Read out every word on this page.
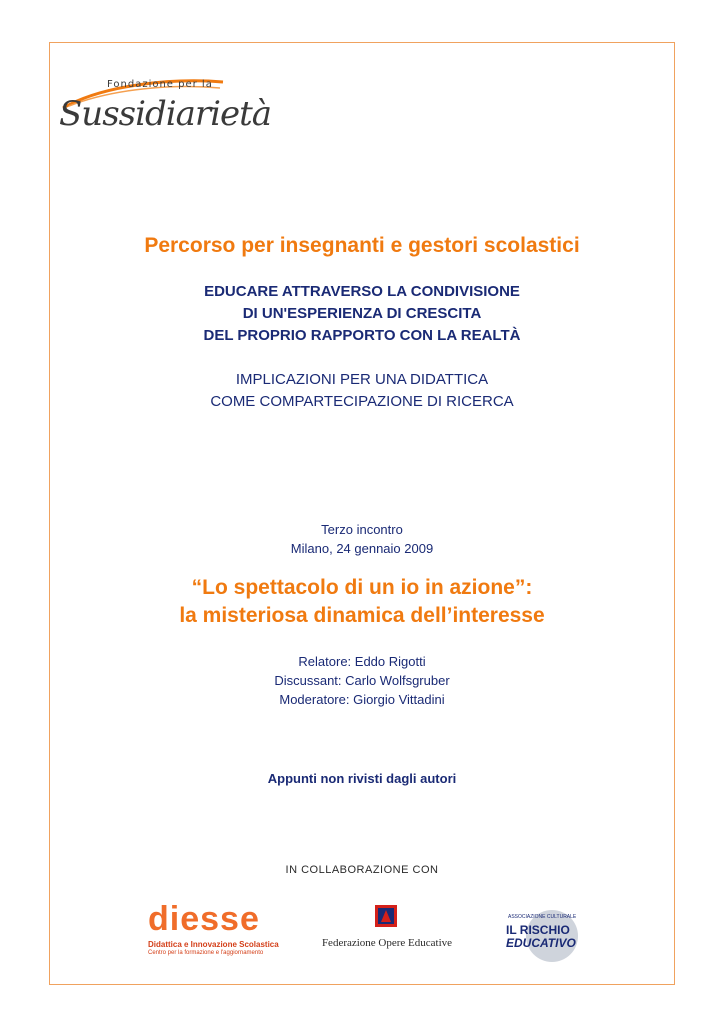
Fondazione per la
Sussidiarietà
Percorso per insegnanti e gestori scolastici
EDUCARE ATTRAVERSO LA CONDIVISIONE
DI UN'ESPERIENZA DI CRESCITA
DEL PROPRIO RAPPORTO CON LA REALTÀ
IMPLICAZIONI PER UNA DIDATTICA
COME COMPARTECIPAZIONE DI RICERCA
Terzo incontro
Milano, 24 gennaio 2009
“Lo spettacolo di un io in azione”:
la misteriosa dinamica dell’interesse
Relatore: Eddo Rigotti
Discussant: Carlo Wolfsgruber
Moderatore: Giorgio Vittadini
Appunti non rivisti dagli autori
IN COLLABORAZIONE CON
diesse
Didattica e Innovazione Scolastica
Centro per la formazione e l'aggiornamento
Federazione Opere Educative
ASSOCIAZIONE CULTURALE
IL RISCHIO
EDUCATIVO
